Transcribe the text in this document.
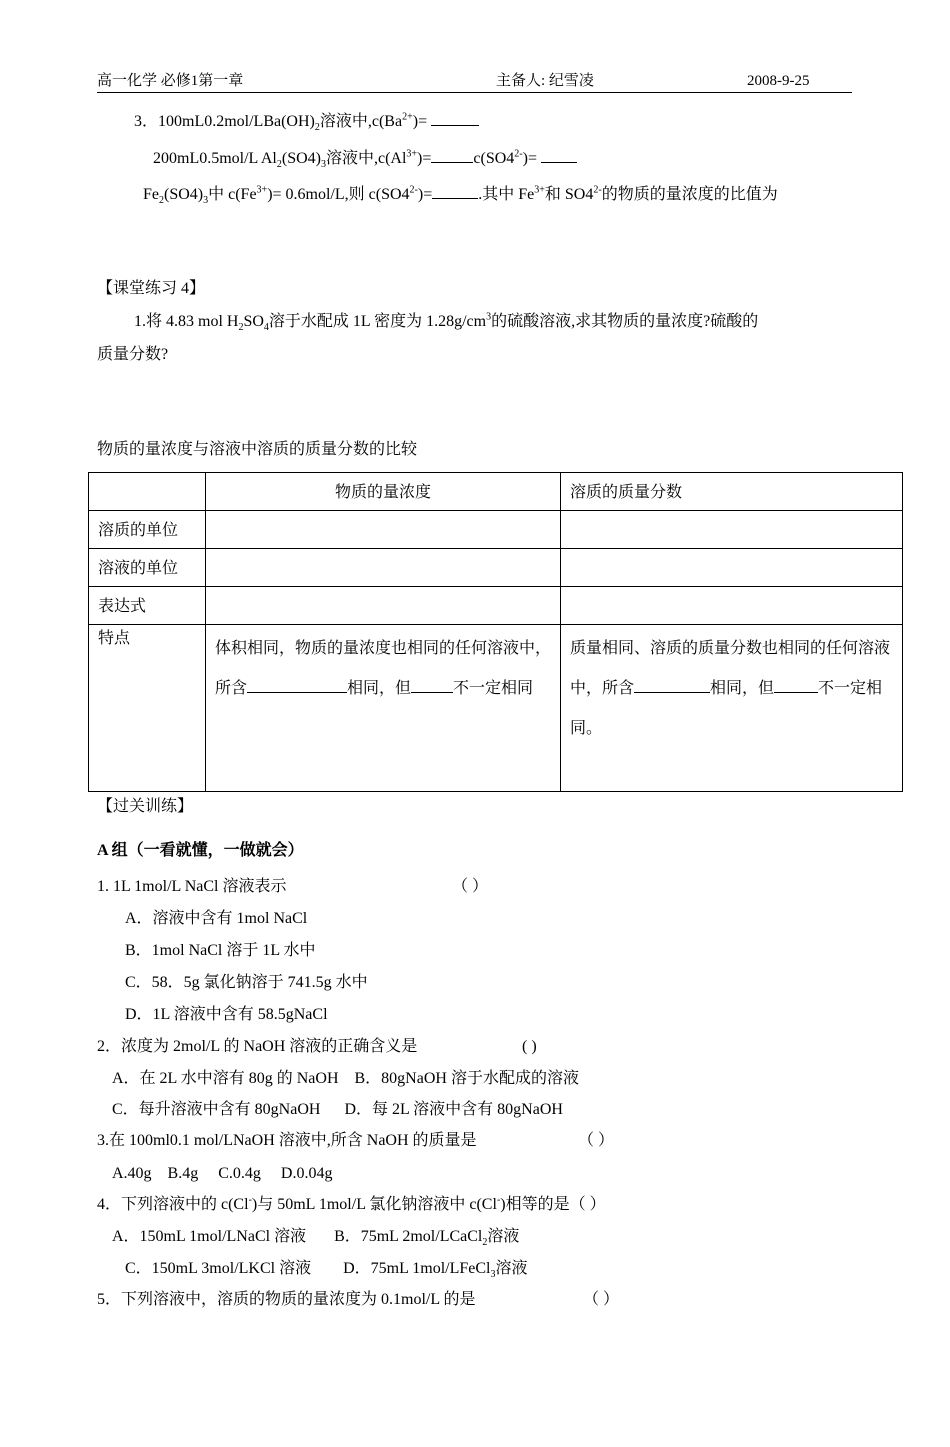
高一化学 必修1第一章	主备人: 纪雪凌	2008-9-25
3．$100mL0.2mol/LBa(OH)_2$溶液中$,c(Ba^{2+})=$
200mL0.5mol/L $Al_2(SO4)_3$溶液中$,c(Al^{3+})=$	$c(SO4^{2-})=$
$Fe_2(SO4)_3$中 $c(Fe^{3+})= 0.6mol/L$,则 $c(SO4^{2-})=$	.其中 $Fe^{3+}$和 $SO4^{2-}$的物质的量浓度的比值为
【课堂练习 4】
1.将 4.83 mol $H_2SO_4$溶于水配成 1L 密度为 $1.28g/cm^3$的硫酸溶液,求其物质的量浓度?硫酸的
质量分数?
物质的量浓度与溶液中溶质的质量分数的比较
	物质的量浓度	溶质的质量分数
溶质的单位		
溶液的单位		
表达式		
特点	体积相同，物质的量浓度也相同的任何溶液中，所含 相同，但 不一定相同	质量相同、溶质的质量分数也相同的任何溶液中，所含 相同，但 不一定相同。
【过关训练】
A 组（一看就懂，一做就会）
1. 1L 1mol/L NaCl 溶液表示	（ ）
A．溶液中含有 1mol NaCl
B．1mol NaCl 溶于 1L 水中
C．58．5g 氯化钠溶于 741.5g 水中
D．1L 溶液中含有 58.5gNaCl
2．浓度为 2mol/L 的 NaOH 溶液的正确含义是	( )
A．在 2L 水中溶有 80g 的 NaOH    B．80gNaOH 溶于水配成的溶液
C．每升溶液中含有 80gNaOH      D．每 2L 溶液中含有 80gNaOH
3.在 100ml0.1 mol/LNaOH 溶液中,所含 NaOH 的质量是	（ ）
A.40g    B.4g     C.0.4g     D.0.04g
4．下列溶液中的 c(Cl-)与 50mL 1mol/L 氯化钠溶液中 c(Cl-)相等的是（ ）
A．150mL 1mol/LNaCl 溶液       B．75mL 2mol/LCaCl$_2$溶液
C．150mL 3mol/LKCl 溶液        D．75mL 1mol/LFeCl$_3$溶液
5．下列溶液中，溶质的物质的量浓度为 0.1mol/L 的是	（ ）
